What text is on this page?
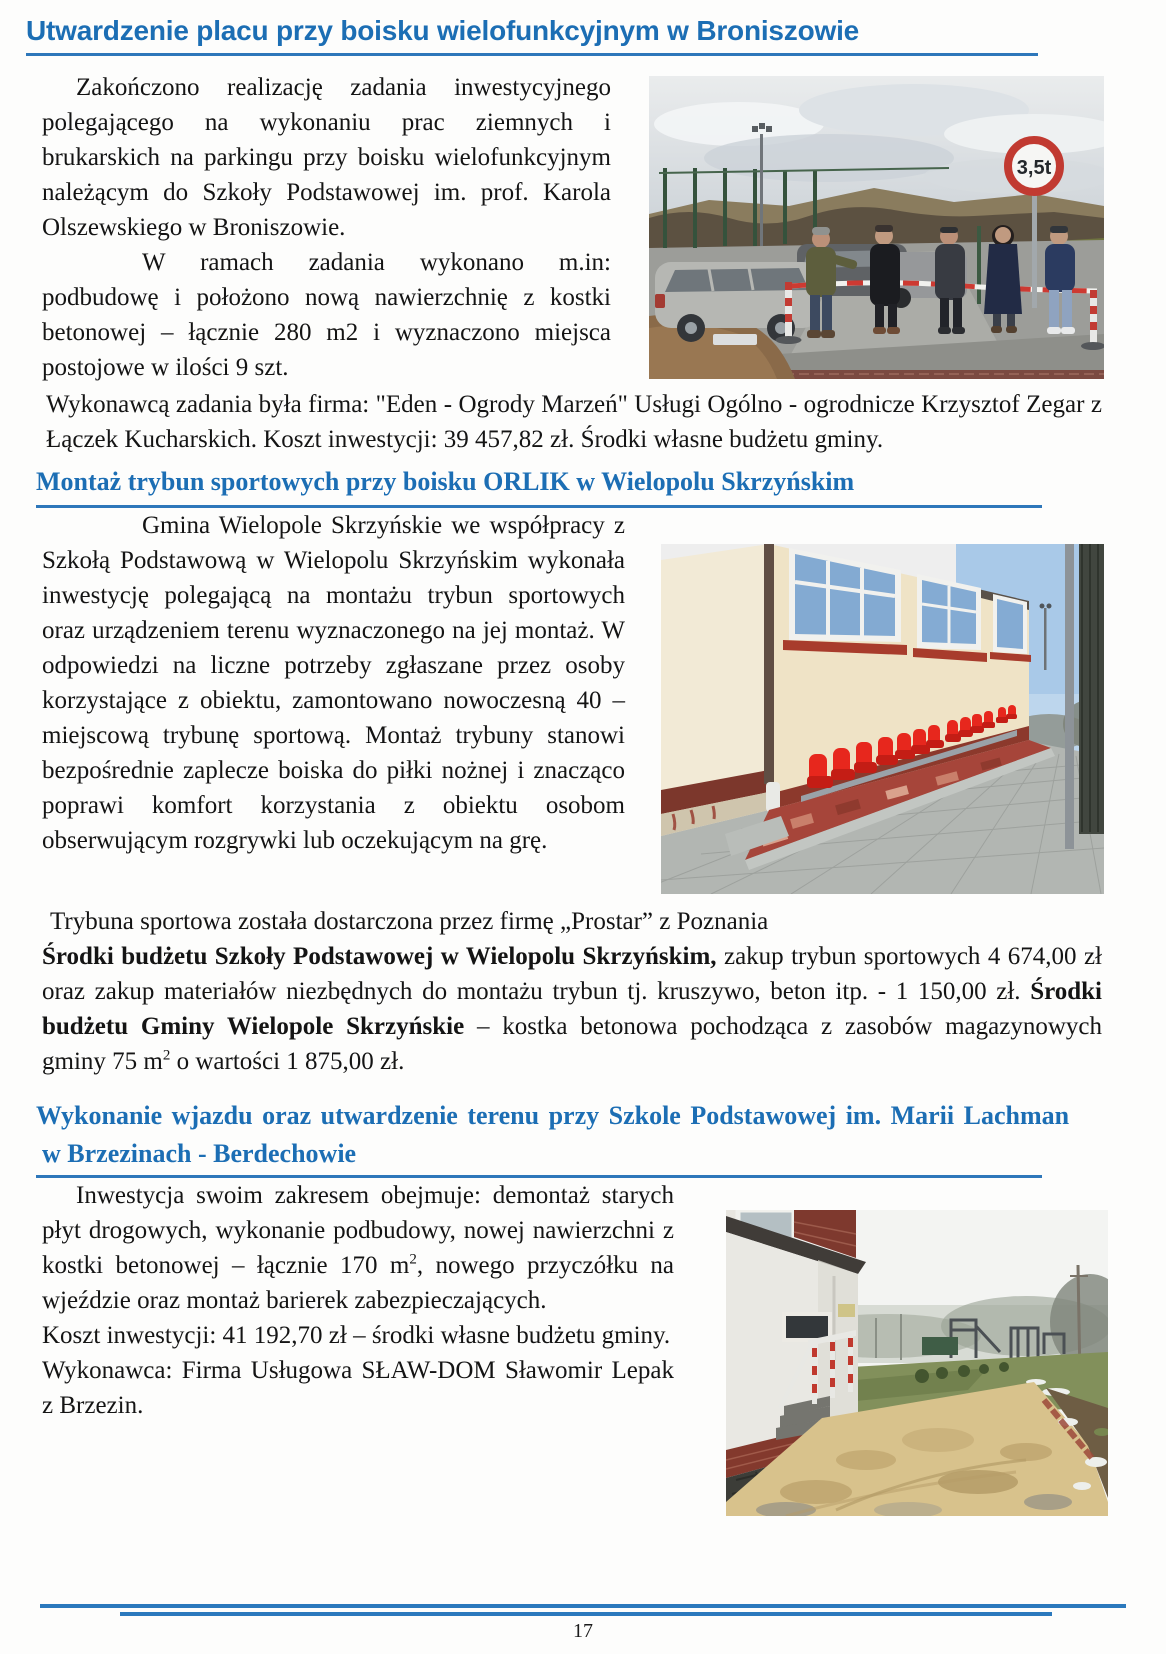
Utwardzenie placu przy boisku wielofunkcyjnym w Broniszowie
3,5t

Zakończono realizację zadania inwestycyjnego polegającego na wykonaniu prac ziemnych i brukarskich na parkingu przy boisku wielofunkcyjnym należącym do Szkoły Podstawowej im. prof. Karola Olszewskiego w Broniszowie.

W ramach zadania wykonano m.in: podbudowę i położono nową nawierzchnię z kostki betonowej – łącznie 280 m2 i wyznaczono miejsca postojowe w ilości 9 szt.

Wykonawcą zadania była firma: "Eden - Ogrody Marzeń" Usługi Ogólno - ogrodnicze Krzysztof Zegar z Łączek Kucharskich. Koszt inwestycji: 39 457,82 zł. Środki własne budżetu gminy.

Montaż trybun sportowych przy boisku ORLIK w Wielopolu Skrzyńskim

Gmina Wielopole Skrzyńskie we współpracy z Szkołą Podstawową w Wielopolu Skrzyńskim wykonała inwestycję polegającą na montażu trybun sportowych oraz urządzeniem terenu wyznaczonego na jej montaż. W odpowiedzi na liczne potrzeby zgłaszane przez osoby korzystające z obiektu, zamontowano nowoczesną 40 – miejscową trybunę sportową. Montaż trybuny stanowi bezpośrednie zaplecze boiska do piłki nożnej i znacząco poprawi komfort korzystania z obiektu osobom obserwującym rozgrywki lub oczekującym na grę.

Trybuna sportowa została dostarczona przez firmę „Prostar” z Poznania

Środki budżetu Szkoły Podstawowej w Wielopolu Skrzyńskim, zakup trybun sportowych 4 674,00 zł oraz zakup materiałów niezbędnych do montażu trybun tj. kruszywo, beton itp. - 1 150,00 zł. Środki budżetu Gminy Wielopole Skrzyńskie – kostka betonowa pochodząca z zasobów magazynowych gminy 75 $m^2$ o wartości 1 875,00 zł.

Wykonanie wjazdu oraz utwardzenie terenu przy Szkole Podstawowej im. Marii Lachman
w Brzezinach - Berdechowie

Inwestycja swoim zakresem obejmuje: demontaż starych płyt drogowych, wykonanie podbudowy, nowej nawierzchni z kostki betonowej – łącznie 170 $m^2$, nowego przyczółku na wjeździe oraz montaż barierek zabezpieczających.

Koszt inwestycji: 41 192,70 zł – środki własne budżetu gminy.

Wykonawca: Firma Usługowa SŁAW-DOM Sławomir Lepak z Brzezin.

17
